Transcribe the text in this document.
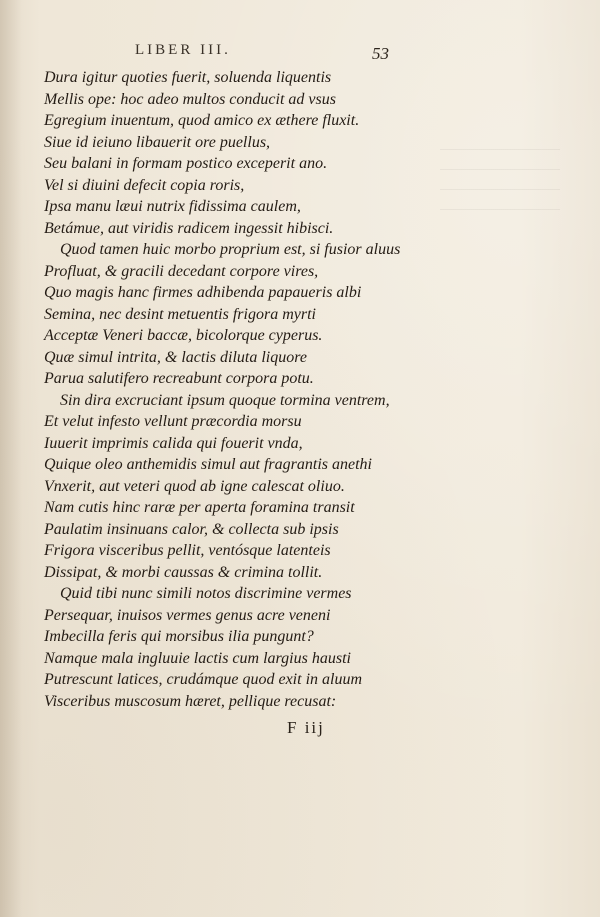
LIBER III.	53
Dura igitur quoties fuerit, soluenda liquentis
Mellis ope: hoc adeo multos conducit ad vsus
Egregium inuentum, quod amico ex æthere fluxit.
Siue id ieiuno libauerit ore puellus,
Seu balani in formam postico exceperit ano.
Vel si diuini defecit copia roris,
Ipsa manu læui nutrix fidissima caulem,
Betámue, aut viridis radicem ingessit hibisci.
Quod tamen huic morbo proprium est, si fusior aluus
Profluat, & gracili decedant corpore vires,
Quo magis hanc firmes adhibenda papaueris albi
Semina, nec desint metuentis frigora myrti
Acceptæ Veneri baccæ, bicolorque cyperus.
Quæ simul intrita, & lactis diluta liquore
Parua salutifero recreabunt corpora potu.
Sin dira excruciant ipsum quoque tormina ventrem,
Et velut infesto vellunt præcordia morsu
Iuuerit imprimis calida qui fouerit vnda,
Quique oleo anthemidis simul aut fragrantis anethi
Vnxerit, aut veteri quod ab igne calescat oliuo.
Nam cutis hinc raræ per aperta foramina transit
Paulatim insinuans calor, & collecta sub ipsis
Frigora visceribus pellit, ventósque latenteis
Dissipat, & morbi caussas & crimina tollit.
Quid tibi nunc simili notos discrimine vermes
Persequar, inuisos vermes genus acre veneni
Imbecilla feris qui morsibus ilia pungunt?
Namque mala ingluuie lactis cum largius hausti
Putrescunt latices, crudámque quod exit in aluum
Visceribus muscosum hæret, pellique recusat:
F iij
